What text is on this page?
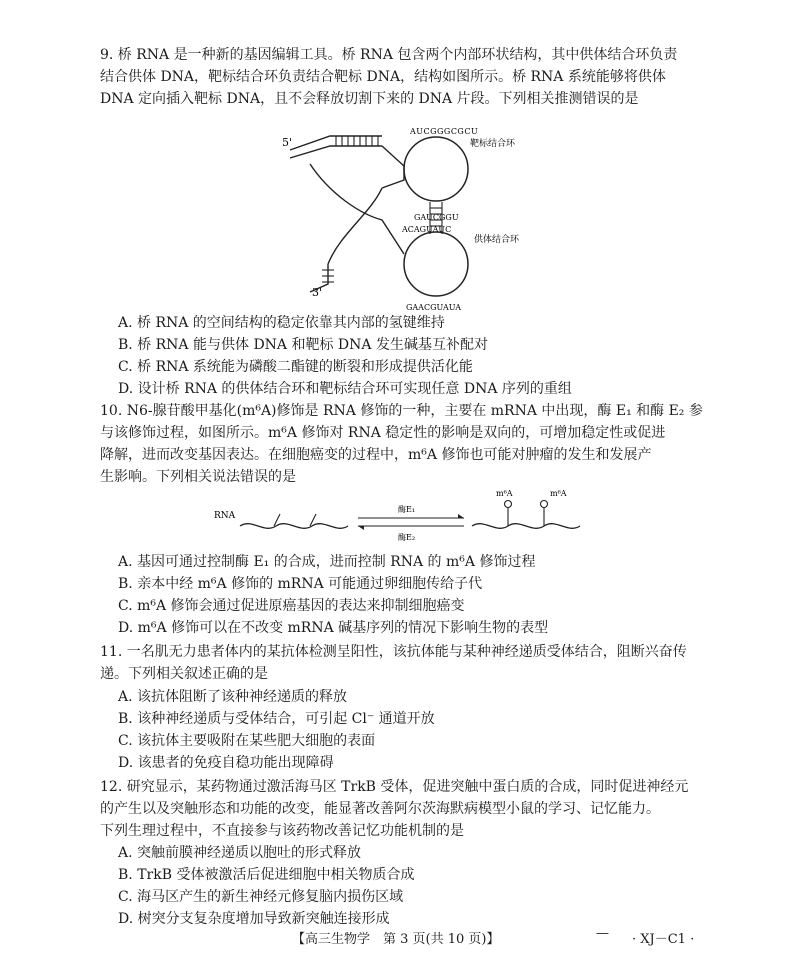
9. 桥 RNA 是一种新的基因编辑工具。桥 RNA 包含两个内部环状结构，其中供体结合环负责
结合供体 DNA，靶标结合环负责结合靶标 DNA，结构如图所示。桥 RNA 系统能够将供体
DNA 定向插入靶标 DNA，且不会释放切割下来的 DNA 片段。下列相关推测错误的是
5'
AUCGGGCGCU
GAUCGGU
靶标结合环
ACAGUAUC
GAACGUAUA
供体结合环
3'
A. 桥 RNA 的空间结构的稳定依靠其内部的氢键维持
B. 桥 RNA 能与供体 DNA 和靶标 DNA 发生碱基互补配对
C. 桥 RNA 系统能为磷酸二酯键的断裂和形成提供活化能
D. 设计桥 RNA 的供体结合环和靶标结合环可实现任意 DNA 序列的重组
10. N6-腺苷酸甲基化(m⁶A)修饰是 RNA 修饰的一种，主要在 mRNA 中出现，酶 E₁ 和酶 E₂ 参
与该修饰过程，如图所示。m⁶A 修饰对 RNA 稳定性的影响是双向的，可增加稳定性或促进
降解，进而改变基因表达。在细胞癌变的过程中，m⁶A 修饰也可能对肿瘤的发生和发展产
生影响。下列相关说法错误的是
RNA
酶E₁
酶E₂
m⁶A	m⁶A
A. 基因可通过控制酶 E₁ 的合成，进而控制 RNA 的 m⁶A 修饰过程
B. 亲本中经 m⁶A 修饰的 mRNA 可能通过卵细胞传给子代
C. m⁶A 修饰会通过促进原癌基因的表达来抑制细胞癌变
D. m⁶A 修饰可以在不改变 mRNA 碱基序列的情况下影响生物的表型
11. 一名肌无力患者体内的某抗体检测呈阳性，该抗体能与某种神经递质受体结合，阻断兴奋传
递。下列相关叙述正确的是
A. 该抗体阻断了该种神经递质的释放
B. 该种神经递质与受体结合，可引起 Cl⁻ 通道开放
C. 该抗体主要吸附在某些肥大细胞的表面
D. 该患者的免疫自稳功能出现障碍
12. 研究显示，某药物通过激活海马区 TrkB 受体，促进突触中蛋白质的合成，同时促进神经元
的产生以及突触形态和功能的改变，能显著改善阿尔茨海默病模型小鼠的学习、记忆能力。
下列生理过程中，不直接参与该药物改善记忆功能机制的是
A. 突触前膜神经递质以胞吐的形式释放
B. TrkB 受体被激活后促进细胞中相关物质合成
C. 海马区产生的新生神经元修复脑内损伤区域
D. 树突分支复杂度增加导致新突触连接形成
【高三生物学　第 3 页(共 10 页)】	— · XJ－C1 ·
